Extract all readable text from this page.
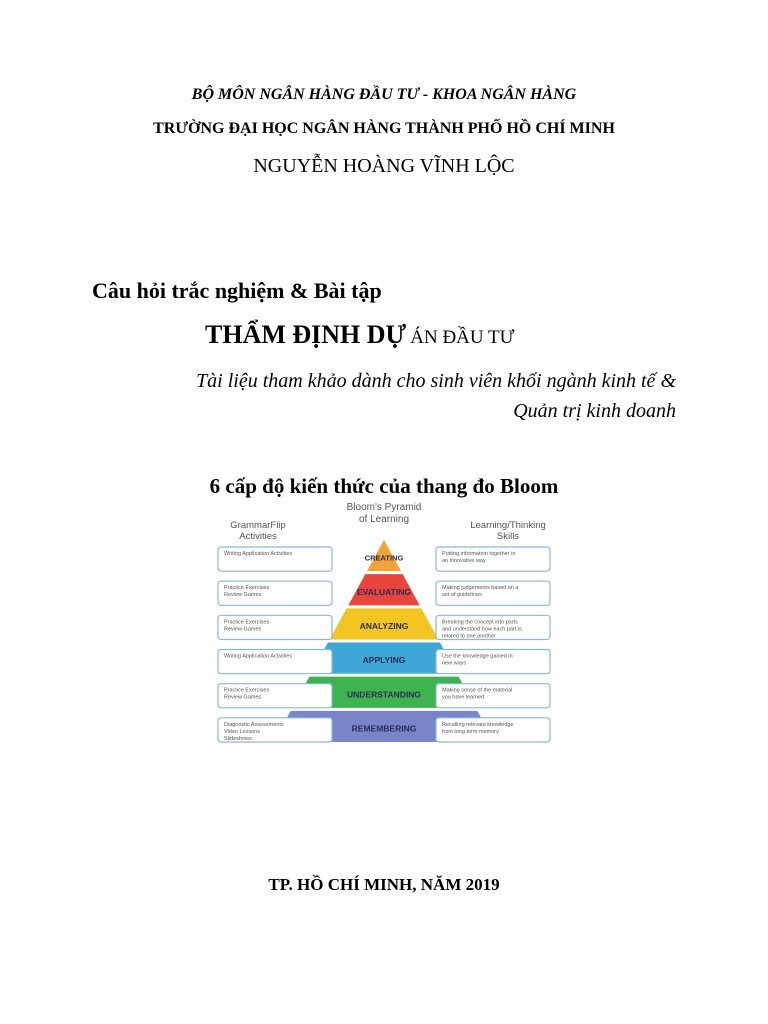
BỘ MÔN NGÂN HÀNG ĐẦU TƯ - KHOA NGÂN HÀNG
TRƯỜNG ĐẠI HỌC NGÂN HÀNG THÀNH PHỐ HỒ CHÍ MINH
NGUYỄN HOÀNG VĨNH LỘC
Câu hỏi trắc nghiệm & Bài tập
THẨM ĐỊNH DỰ ÁN ĐẦU TƯ
Tài liệu tham khảo dành cho sinh viên khối ngành kinh tế &
Quản trị kinh doanh
6 cấp độ kiến thức của thang đo Bloom
Bloom's Pyramid
of Learning
GrammarFlip
Activities
Learning/Thinking
Skills
CREATING
Writing Application Activities	Putting information together in
an innovative way
EVALUATING
Practice Exercises
Review Games
Making judgements based on a
set of guidelines
ANALYZING
Practice Exercises
Review Games
Breaking the concept into parts
and understand how each part is
related to one another
APPLYING
Writing Application Activities	Use the knowledge gained in
new ways
UNDERSTANDING
Practice Exercises
Review Games
Making sense of the material
you have learned
REMEMBERING
Diagnostic Assessments
Video Lessons
Slideshows
Recalling relevant knowledge
from long term memory
TP. HỒ CHÍ MINH, NĂM 2019
